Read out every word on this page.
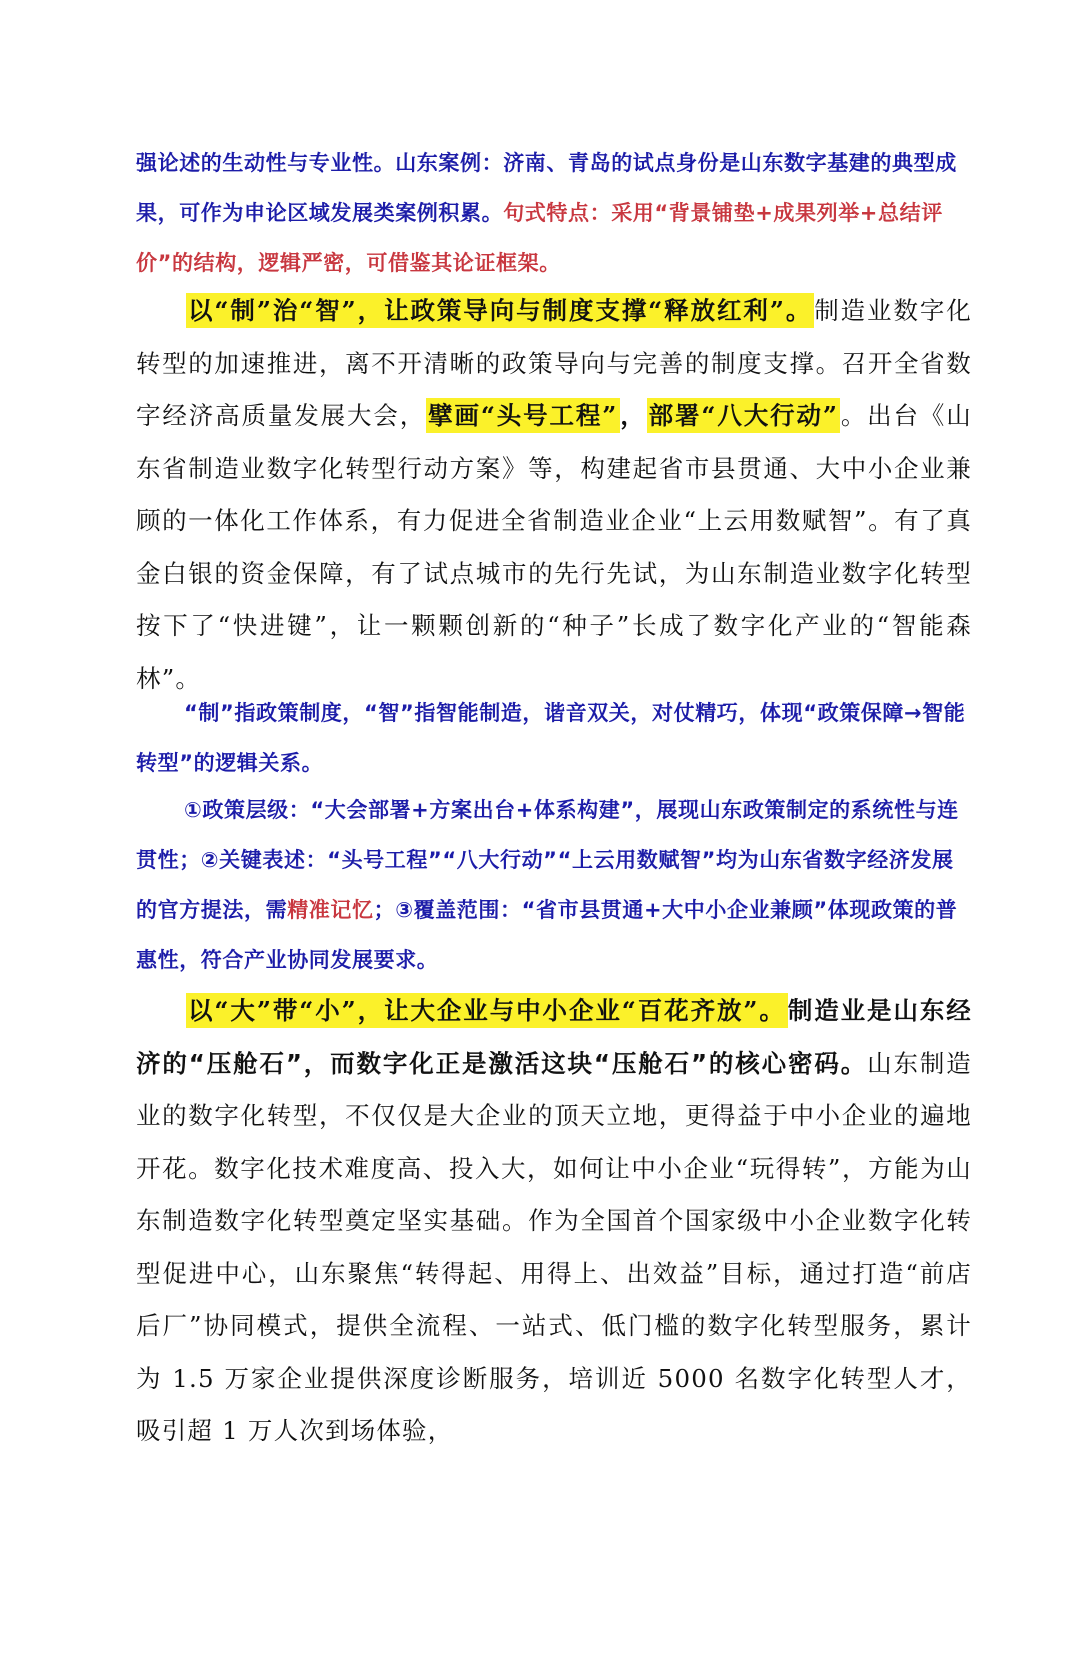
强论述的生动性与专业性。山东案例：济南、青岛的试点身份是山东数字基建的典型成果，可作为申论区域发展类案例积累。句式特点：采用“背景铺垫+成果列举+总结评价”的结构，逻辑严密，可借鉴其论证框架。

以“制”治“智”，让政策导向与制度支撑“释放红利”。制造业数字化转型的加速推进，离不开清晰的政策导向与完善的制度支撑。召开全省数字经济高质量发展大会，擘画“头号工程”，部署“八大行动”。出台《山东省制造业数字化转型行动方案》等，构建起省市县贯通、大中小企业兼顾的一体化工作体系，有力促进全省制造业企业“上云用数赋智”。有了真金白银的资金保障，有了试点城市的先行先试，为山东制造业数字化转型按下了“快进键”，让一颗颗创新的“种子”长成了数字化产业的“智能森林”。

“制”指政策制度，“智”指智能制造，谐音双关，对仗精巧，体现“政策保障→智能转型”的逻辑关系。

①政策层级：“大会部署+方案出台+体系构建”，展现山东政策制定的系统性与连贯性；②关键表述：“头号工程”“八大行动”“上云用数赋智”均为山东省数字经济发展的官方提法，需精准记忆；③覆盖范围：“省市县贯通+大中小企业兼顾”体现政策的普惠性，符合产业协同发展要求。

以“大”带“小”，让大企业与中小企业“百花齐放”。制造业是山东经济的“压舱石”，而数字化正是激活这块“压舱石”的核心密码。山东制造业的数字化转型，不仅仅是大企业的顶天立地，更得益于中小企业的遍地开花。数字化技术难度高、投入大，如何让中小企业“玩得转”，方能为山东制造数字化转型奠定坚实基础。作为全国首个国家级中小企业数字化转型促进中心，山东聚焦“转得起、用得上、出效益”目标，通过打造“前店后厂”协同模式，提供全流程、一站式、低门槛的数字化转型服务，累计为 1.5 万家企业提供深度诊断服务，培训近 5000 名数字化转型人才，吸引超 1 万人次到场体验，
